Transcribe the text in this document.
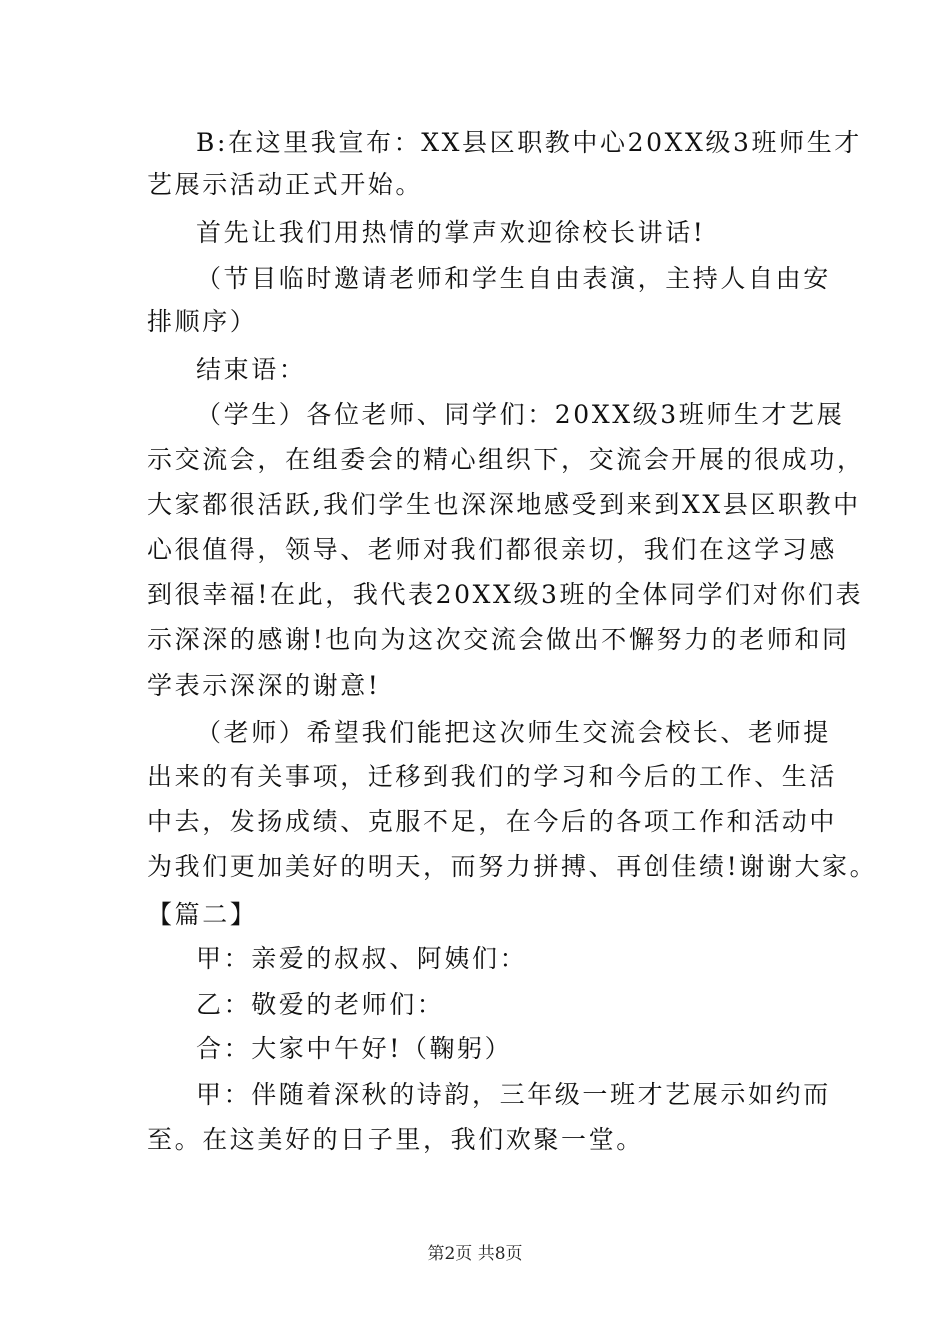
B:在这里我宣布：XX县区职教中心20XX级3班师生才
艺展示活动正式开始。
首先让我们用热情的掌声欢迎徐校长讲话!
（节目临时邀请老师和学生自由表演，主持人自由安
排顺序）
结束语：
（学生）各位老师、同学们：20XX级3班师生才艺展
示交流会，在组委会的精心组织下，交流会开展的很成功，
大家都很活跃,我们学生也深深地感受到来到XX县区职教中
心很值得，领导、老师对我们都很亲切，我们在这学习感
到很幸福!在此，我代表20XX级3班的全体同学们对你们表
示深深的感谢!也向为这次交流会做出不懈努力的老师和同
学表示深深的谢意!
（老师）希望我们能把这次师生交流会校长、老师提
出来的有关事项，迁移到我们的学习和今后的工作、生活
中去，发扬成绩、克服不足，在今后的各项工作和活动中
为我们更加美好的明天，而努力拼搏、再创佳绩!谢谢大家。
【篇二】
甲：亲爱的叔叔、阿姨们：
乙：敬爱的老师们：
合：大家中午好!（鞠躬）
甲：伴随着深秋的诗韵，三年级一班才艺展示如约而
至。在这美好的日子里，我们欢聚一堂。
第2页 共8页
